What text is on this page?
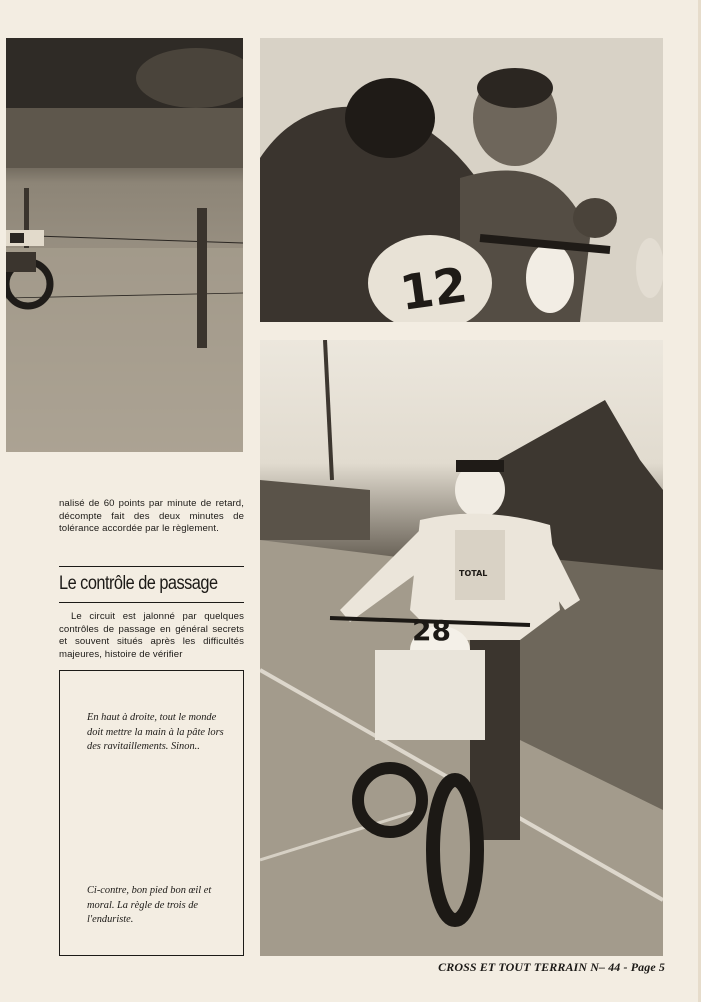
12
28
SWM
TOTAL

nalisé de 60 points par minute de retard, décompte fait des deux minutes de tolérance accordée par le règlement.

Le contrôle de passage

Le circuit est jalonné par quelques contrôles de passage en général secrets et souvent situés après les difficultés majeures, histoire de vérifier

En haut à droite, tout le monde doit mettre la main à la pâte lors des ravitaillements. Sinon..

Ci-contre, bon pied bon œil et moral. La règle de trois de l'enduriste.

CROSS ET TOUT TERRAIN N– 44 - Page 5
